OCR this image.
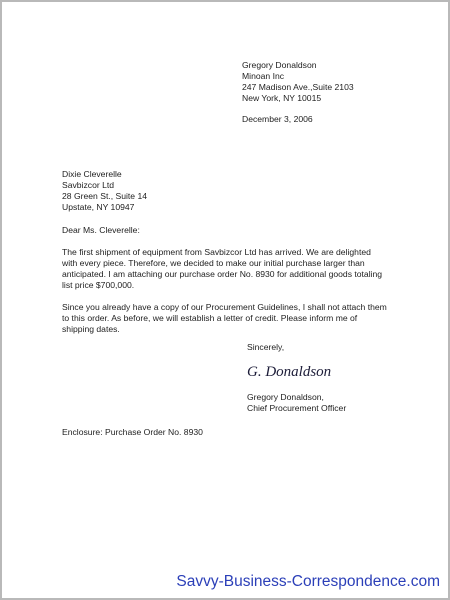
Gregory Donaldson
Minoan Inc
247 Madison Ave.,Suite 2103
New York, NY 10015
December 3, 2006
Dixie Cleverelle
Savbizcor Ltd
28 Green St., Suite 14
Upstate, NY 10947
Dear Ms. Cleverelle:
The first shipment of equipment from Savbizcor Ltd has arrived. We are delighted
with every piece. Therefore, we decided to make our initial purchase larger than
anticipated. I am attaching our purchase order No. 8930 for additional goods totaling
list price $700,000.
Since you already have a copy of our Procurement Guidelines, I shall not attach them
to this order. As before, we will establish a letter of credit. Please inform me of
shipping dates.
Sincerely,
G. Donaldson
Gregory Donaldson,
Chief Procurement Officer
Enclosure: Purchase Order No. 8930
Savvy-Business-Correspondence.com
